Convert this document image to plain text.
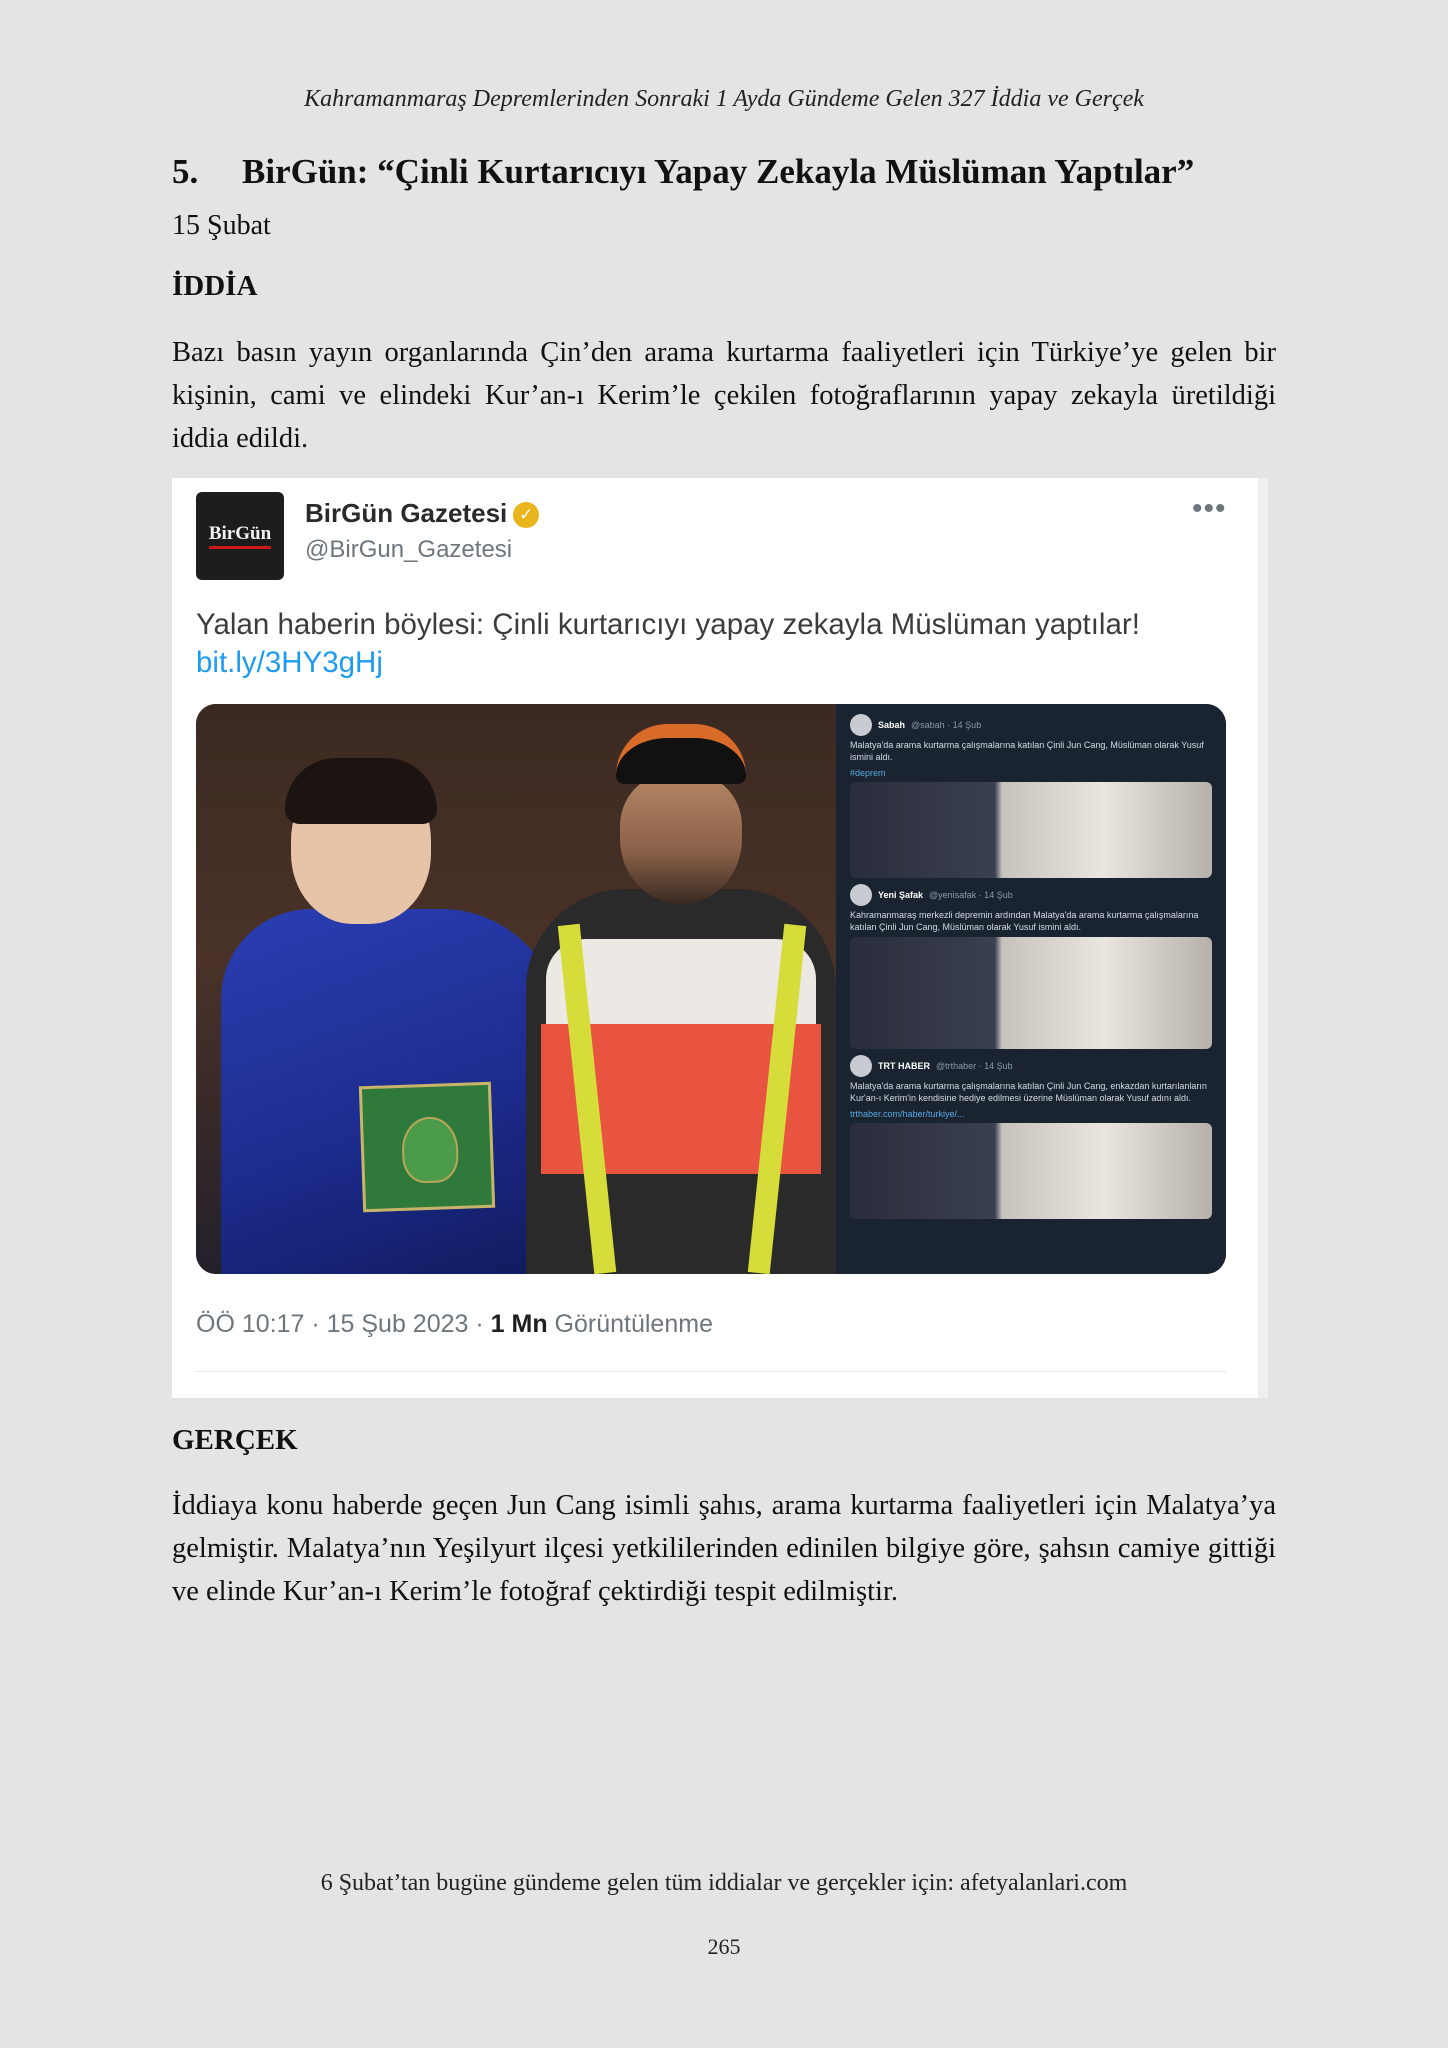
Kahramanmaraş Depremlerinden Sonraki 1 Ayda Gündeme Gelen 327 İddia ve Gerçek
5. BirGün: “Çinli Kurtarıcıyı Yapay Zekayla Müslüman Yaptılar”
15 Şubat
İDDİA

Bazı basın yayın organlarında Çin’den arama kurtarma faaliyetleri için Türkiye’ye gelen bir kişinin, cami ve elindeki Kur’an-ı Kerim’le çekilen fotoğraflarının yapay zekayla üretildiği iddia edildi.

BirGün
BirGün Gazetesi ✓
@BirGun_Gazetesi
•••
Yalan haberin böylesi: Çinli kurtarıcıyı yapay zekayla Müslüman yaptılar!
bit.ly/3HY3gHj
Sabah @sabah · 14 Şub
Malatya'da arama kurtarma çalışmalarına katılan Çinli Jun Cang, Müslüman olarak Yusuf ismini aldı.
#deprem
Yeni Şafak @yenisafak · 14 Şub
Kahramanmaraş merkezli depremin ardından Malatya'da arama kurtarma çalışmalarına katılan Çinli Jun Cang, Müslüman olarak Yusuf ismini aldı.
TRT HABER @trthaber · 14 Şub
Malatya'da arama kurtarma çalışmalarına katılan Çinli Jun Cang, enkazdan kurtarılanların Kur'an-ı Kerim'in kendisine hediye edilmesi üzerine Müslüman olarak Yusuf adını aldı.
trthaber.com/haber/turkiye/...
ÖÖ 10:17 · 15 Şub 2023 · 1 Mn Görüntülenme
GERÇEK

İddiaya konu haberde geçen Jun Cang isimli şahıs, arama kurtarma faaliyetleri için Malatya’ya gelmiştir. Malatya’nın Yeşilyurt ilçesi yetkililerinden edinilen bilgiye göre, şahsın camiye gittiği ve elinde Kur’an-ı Kerim’le fotoğraf çektirdiği tespit edilmiştir.

6 Şubat’tan bugüne gündeme gelen tüm iddialar ve gerçekler için: afetyalanlari.com
265
